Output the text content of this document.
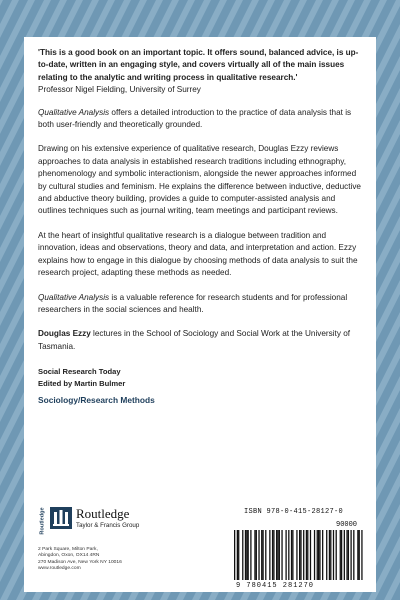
'This is a good book on an important topic. It offers sound, balanced advice, is up-to-date, written in an engaging style, and covers virtually all of the main issues relating to the analytic and writing process in qualitative research.'

Professor Nigel Fielding, University of Surrey

Qualitative Analysis offers a detailed introduction to the practice of data analysis that is both user-friendly and theoretically grounded.

Drawing on his extensive experience of qualitative research, Douglas Ezzy reviews approaches to data analysis in established research traditions including ethnography, phenomenology and symbolic interactionism, alongside the newer approaches informed by cultural studies and feminism. He explains the difference between inductive, deductive and abductive theory building, provides a guide to computer-assisted analysis and outlines techniques such as journal writing, team meetings and participant reviews.

At the heart of insightful qualitative research is a dialogue between tradition and innovation, ideas and observations, theory and data, and interpretation and action. Ezzy explains how to engage in this dialogue by choosing methods of data analysis to suit the research project, adapting these methods as needed.

Qualitative Analysis is a valuable reference for research students and for professional researchers in the social sciences and health.

Douglas Ezzy lectures in the School of Sociology and Social Work at the University of Tasmania.

Social Research Today

Edited by Martin Bulmer

Sociology/Research Methods

Routledge Routledge
Taylor & Francis Group
2 Park Square, Milton Park,
Abingdon, Oxon, OX14 4RN
270 Madison Ave, New York NY 10016
www.routledge.com
ISBN 978-0-415-28127-0
90000
9 780415 281270
